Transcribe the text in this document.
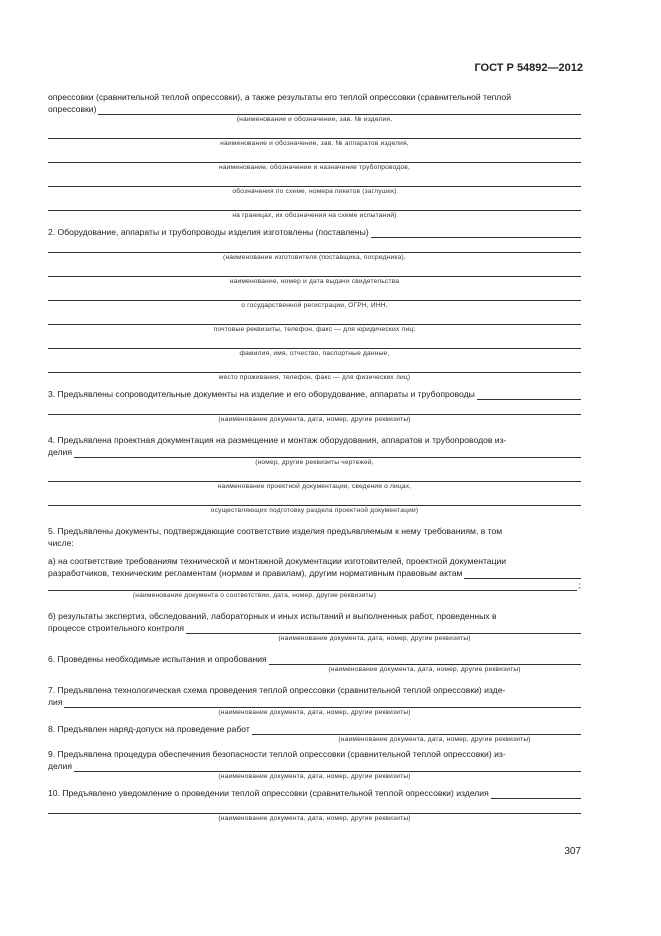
ГОСТ Р 54892—2012

опрессовки (сравнительной теплой опрессовки), а также результаты его теплой опрессовки (сравнительной теплой

опрессовки)
(наименование и обозначение, зав. № изделия,
наименование и обозначение, зав. № аппаратов изделия,
наименование, обозначение и назначение трубопроводов,
обозначения по схеме, номера пикетов (заглушек)
на границах, их обозначения на схеме испытаний)
2. Оборудование, аппараты и трубопроводы изделия изготовлены (поставлены)
(наименование изготовителя (поставщика, посредника),
наименование, номер и дата выдачи свидетельства
о государственной регистрации, ОГРН, ИНН,
почтовые реквизиты, телефон, факс — для юридических лиц;
фамилия, имя, отчество, паспортные данные,
место проживания, телефон, факс — для физических лиц)
3. Предъявлены сопроводительные документы на изделие и его оборудование, аппараты и трубопроводы
(наименование документа, дата, номер, другие реквизиты)

4. Предъявлена проектная документация на размещение и монтаж оборудования, аппаратов и трубопроводов из-

делия
(номер, другие реквизиты чертежей,
наименование проектной документации, сведения о лицах,
осуществляющих подготовку раздела проектной документации)

5. Предъявлены документы, подтверждающие соответствие изделия предъявляемым к нему требованиям, в том

числе:

а) на соответствие требованиям технической и монтажной документации изготовителей, проектной документации

разработчиков, техническим регламентам (нормам и правилам), другим нормативным правовым актам
;
(наименование документа о соответствии, дата, номер, другие реквизиты)

б) результаты экспертиз, обследований, лабораторных и иных испытаний и выполненных работ, проведенных в

процессе строительного контроля
(наименование документа, дата, номер, другие реквизиты)
6. Проведены необходимые испытания и опробования
(наименование документа, дата, номер, другие реквизиты)

7. Предъявлена технологическая схема проведения теплой опрессовки (сравнительной теплой опрессовки) изде-

лия
(наименование документа, дата, номер, другие реквизиты)
8. Предъявлен наряд-допуск на проведение работ
(наименование документа, дата, номер, другие реквизиты)

9. Предъявлена процедура обеспечения безопасности теплой опрессовки (сравнительной теплой опрессовки) из-

делия
(наименование документа, дата, номер, другие реквизиты)
10. Предъявлено уведомление о проведении теплой опрессовки (сравнительной теплой опрессовки) изделия
(наименование документа, дата, номер, другие реквизиты)
307
